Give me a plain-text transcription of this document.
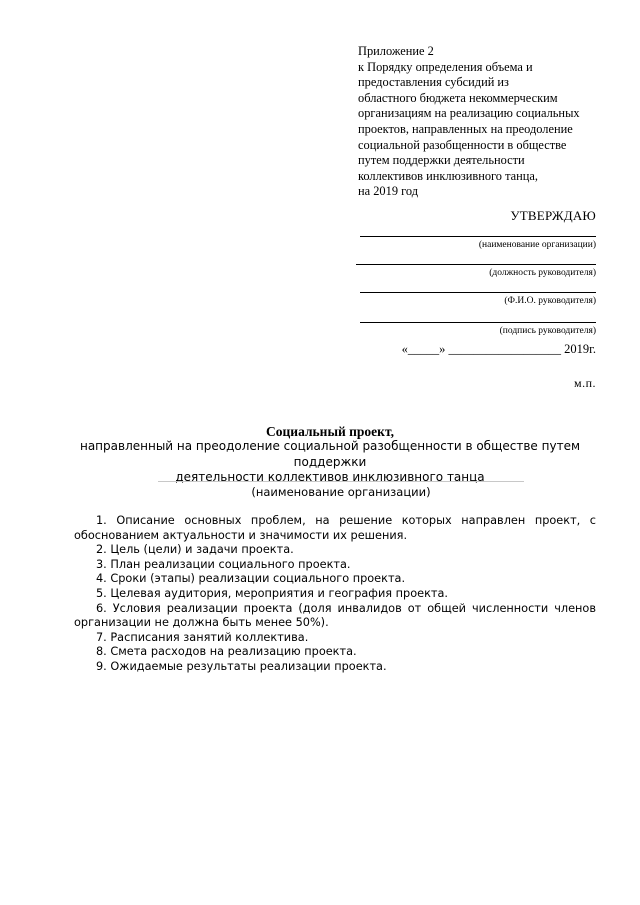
Приложение 2
к Порядку определения объема и
предоставления субсидий из
областного бюджета некоммерческим
организациям на реализацию социальных
проектов, направленных на преодоление
социальной разобщенности в обществе
путем поддержки деятельности
коллективов инклюзивного танца,
на 2019 год
УТВЕРЖДАЮ
(наименование организации)
(должность руководителя)
(Ф.И.О. руководителя)
(подпись руководителя)
«_____» __________________ 2019г.
м.п.
Социальный проект,
направленный на преодоление социальной разобщенности в обществе путем поддержки
деятельности коллективов инклюзивного танца
(наименование организации)

1. Описание основных проблем, на решение которых направлен проект, с обоснованием актуальности и значимости их решения.

2. Цель (цели) и задачи проекта.

3. План реализации социального проекта.

4. Сроки (этапы) реализации социального проекта.

5. Целевая аудитория, мероприятия и география проекта.

6. Условия реализации проекта (доля инвалидов от общей численности членов организации не должна быть менее 50%).

7. Расписания занятий коллектива.

8. Смета расходов на реализацию проекта.

9. Ожидаемые результаты реализации проекта.
